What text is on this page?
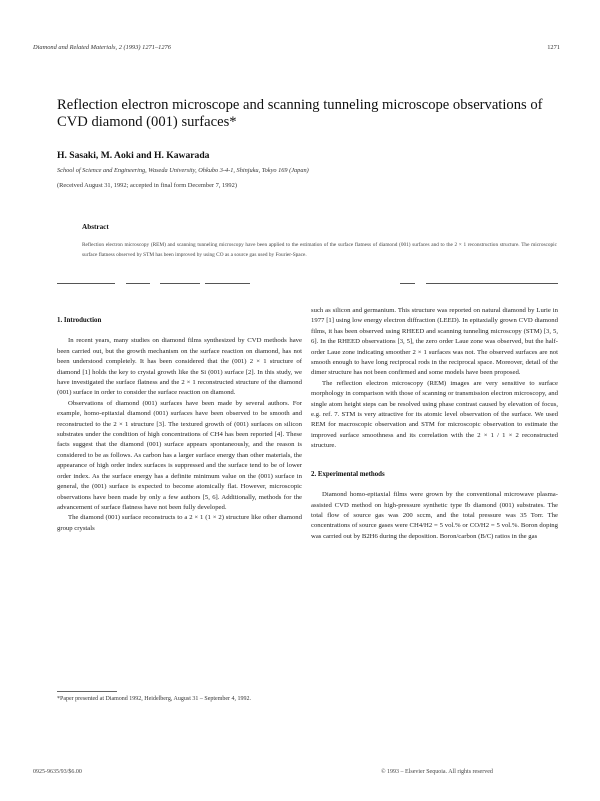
Diamond and Related Materials, 2 (1993) 1271–1276	1271
Reflection electron microscope and scanning tunneling microscope observations of CVD diamond (001) surfaces*
H. Sasaki, M. Aoki and H. Kawarada
School of Science and Engineering, Waseda University, Ohkubo 3-4-1, Shinjuku, Tokyo 169 (Japan)
(Received August 31, 1992; accepted in final form December 7, 1992)
Abstract
Reflection electron microscopy (REM) and scanning tunneling microscopy have been applied to the estimation of the surface flatness of diamond (001) surfaces and to the 2 × 1 reconstruction structure. The microscopic surface flatness observed by STM has been improved by using CO as a source gas used by Fourier-Space.
1. Introduction

In recent years, many studies on diamond films synthesized by CVD methods have been carried out, but the growth mechanism on the surface reaction on diamond, has not been understood completely. It has been considered that the (001) 2 × 1 structure of diamond [1] holds the key to crystal growth like the Si (001) surface [2]. In this study, we have investigated the surface flatness and the 2 × 1 reconstructed structure of the diamond (001) surface in order to consider the surface reaction on diamond.

Observations of diamond (001) surfaces have been made by several authors. For example, homo-epitaxial diamond (001) surfaces have been observed to be smooth and reconstructed to the 2 × 1 structure [3]. The textured growth of (001) surfaces on silicon substrates under the condition of high concentrations of CH4 has been reported [4]. These facts suggest that the diamond (001) surface appears spontaneously, and the reason is considered to be as follows. As carbon has a larger surface energy than other materials, the appearance of high order index surfaces is suppressed and the surface tend to be of lower order index. As the surface energy has a definite minimum value on the (001) surface in general, the (001) surface is expected to become atomically flat. However, microscopic observations have been made by only a few authors [5, 6]. Additionally, methods for the advancement of surface flatness have not been fully developed.

The diamond (001) surface reconstructs to a 2 × 1 (1 × 2) structure like other diamond group crystals

*Paper presented at Diamond 1992, Heidelberg, August 31 – September 4, 1992.

such as silicon and germanium. This structure was reported on natural diamond by Lurie in 1977 [1] using low energy electron diffraction (LEED). In epitaxially grown CVD diamond films, it has been observed using RHEED and scanning tunneling microscopy (STM) [3, 5, 6]. In the RHEED observations [3, 5], the zero order Laue zone was observed, but the half-order Laue zone indicating smoother 2 × 1 surfaces was not. The observed surfaces are not smooth enough to have long reciprocal rods in the reciprocal space. Moreover, detail of the dimer structure has not been confirmed and some models have been proposed.

The reflection electron microscopy (REM) images are very sensitive to surface morphology in comparison with those of scanning or transmission electron microscopy, and single atom height steps can be resolved using phase contrast caused by elevation of focus, e.g. ref. 7. STM is very attractive for its atomic level observation of the surface. We used REM for macroscopic observation and STM for microscopic observation to estimate the improved surface smoothness and its correlation with the 2 × 1 / 1 × 2 reconstructed structure.

2. Experimental methods

Diamond homo-epitaxial films were grown by the conventional microwave plasma-assisted CVD method on high-pressure synthetic type Ib diamond (001) substrates. The total flow of source gas was 200 sccm, and the total pressure was 35 Torr. The concentrations of source gases were CH4/H2 = 5 vol.% or CO/H2 = 5 vol.%. Boron doping was carried out by B2H6 during the deposition. Boron/carbon (B/C) ratios in the gas

0925-9635/93/$6.00	© 1993 – Elsevier Sequoia. All rights reserved
